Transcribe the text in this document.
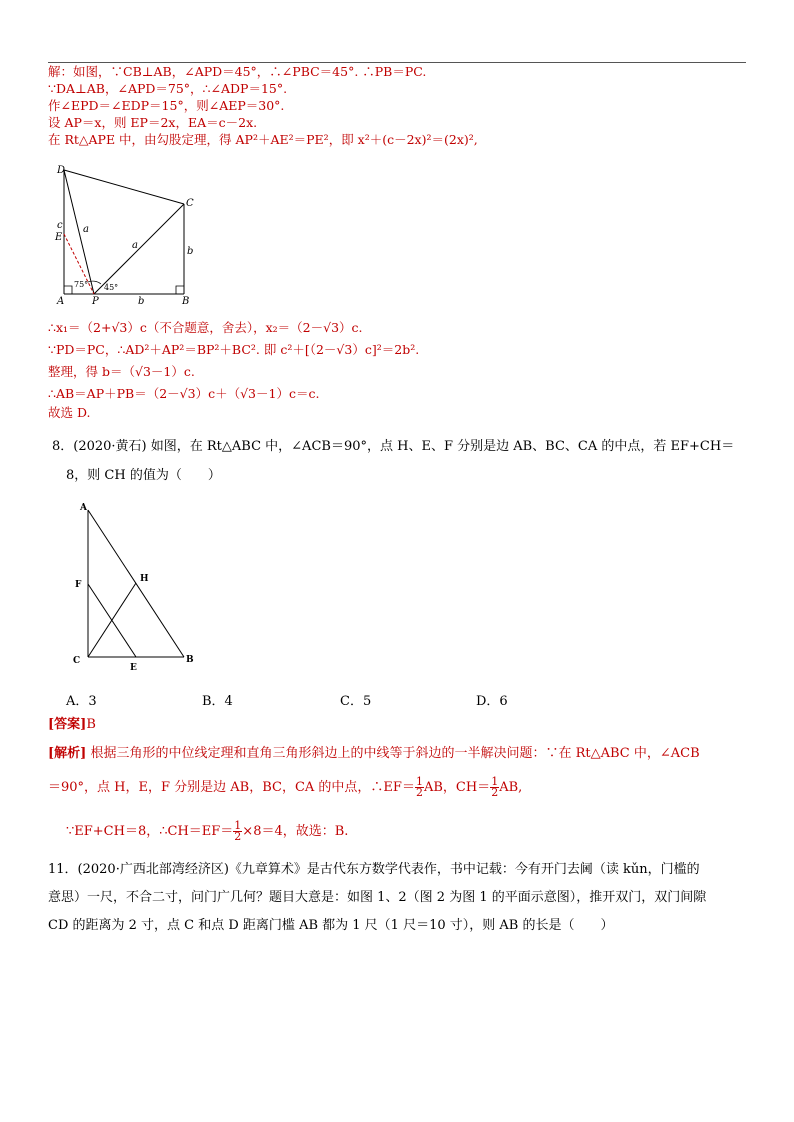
解：如图，∵CB⊥AB，∠APD＝45°，∴∠PBC＝45°. ∴PB＝PC.
∵DA⊥AB，∠APD＝75°，∴∠ADP＝15°.
作∠EPD＝∠EDP＝15°，则∠AEP＝30°.
设 AP＝x，则 EP＝2x，EA＝c－2x.
在 Rt△APE 中，由勾股定理，得 AP²＋AE²＝PE²，即 x²＋(c－2x)²＝(2x)²,
D
C
E
A	P	B
c a
a
b
b
75° 45°
∴x₁＝（2+√3）c（不合题意，舍去），x₂＝（2－√3）c.
∵PD＝PC，∴AD²＋AP²＝BP²＋BC². 即 c²＋[（2－√3）c]²＝2b².
整理，得 b＝（√3－1）c.
∴AB＝AP＋PB＝（2－√3）c＋（√3－1）c＝c.
故选 D.
8．(2020·黄石) 如图，在 Rt△ABC 中，∠ACB＝90°，点 H、E、F 分别是边 AB、BC、CA 的中点，若 EF+CH＝
8，则 CH 的值为（　　）
A
F
H
C
E
B
A．3	B．4	C．5	D．6
[答案]B
[解析] 根据三角形的中位线定理和直角三角形斜边上的中线等于斜边的一半解决问题：∵在 Rt△ABC 中，∠ACB
＝90°，点 H，E，F 分别是边 AB，BC，CA 的中点，∴EF＝ $\frac{1}{2}$ AB，$CH= \frac{1}{2}$ AB,
∵EF+CH＝8，∴CH＝EF＝ $\frac{1}{2} \times 8=4$，故选：B.
11．(2020·广西北部湾经济区)《九章算术》是古代东方数学代表作，书中记载：今有开门去阃（读 kǔn，门槛的
意思）一尺，不合二寸，问门广几何？题目大意是：如图 1、2（图 2 为图 1 的平面示意图），推开双门，双门间隙
CD 的距离为 2 寸，点 C 和点 D 距离门槛 AB 都为 1 尺（1 尺＝10 寸），则 AB 的长是（　　）
